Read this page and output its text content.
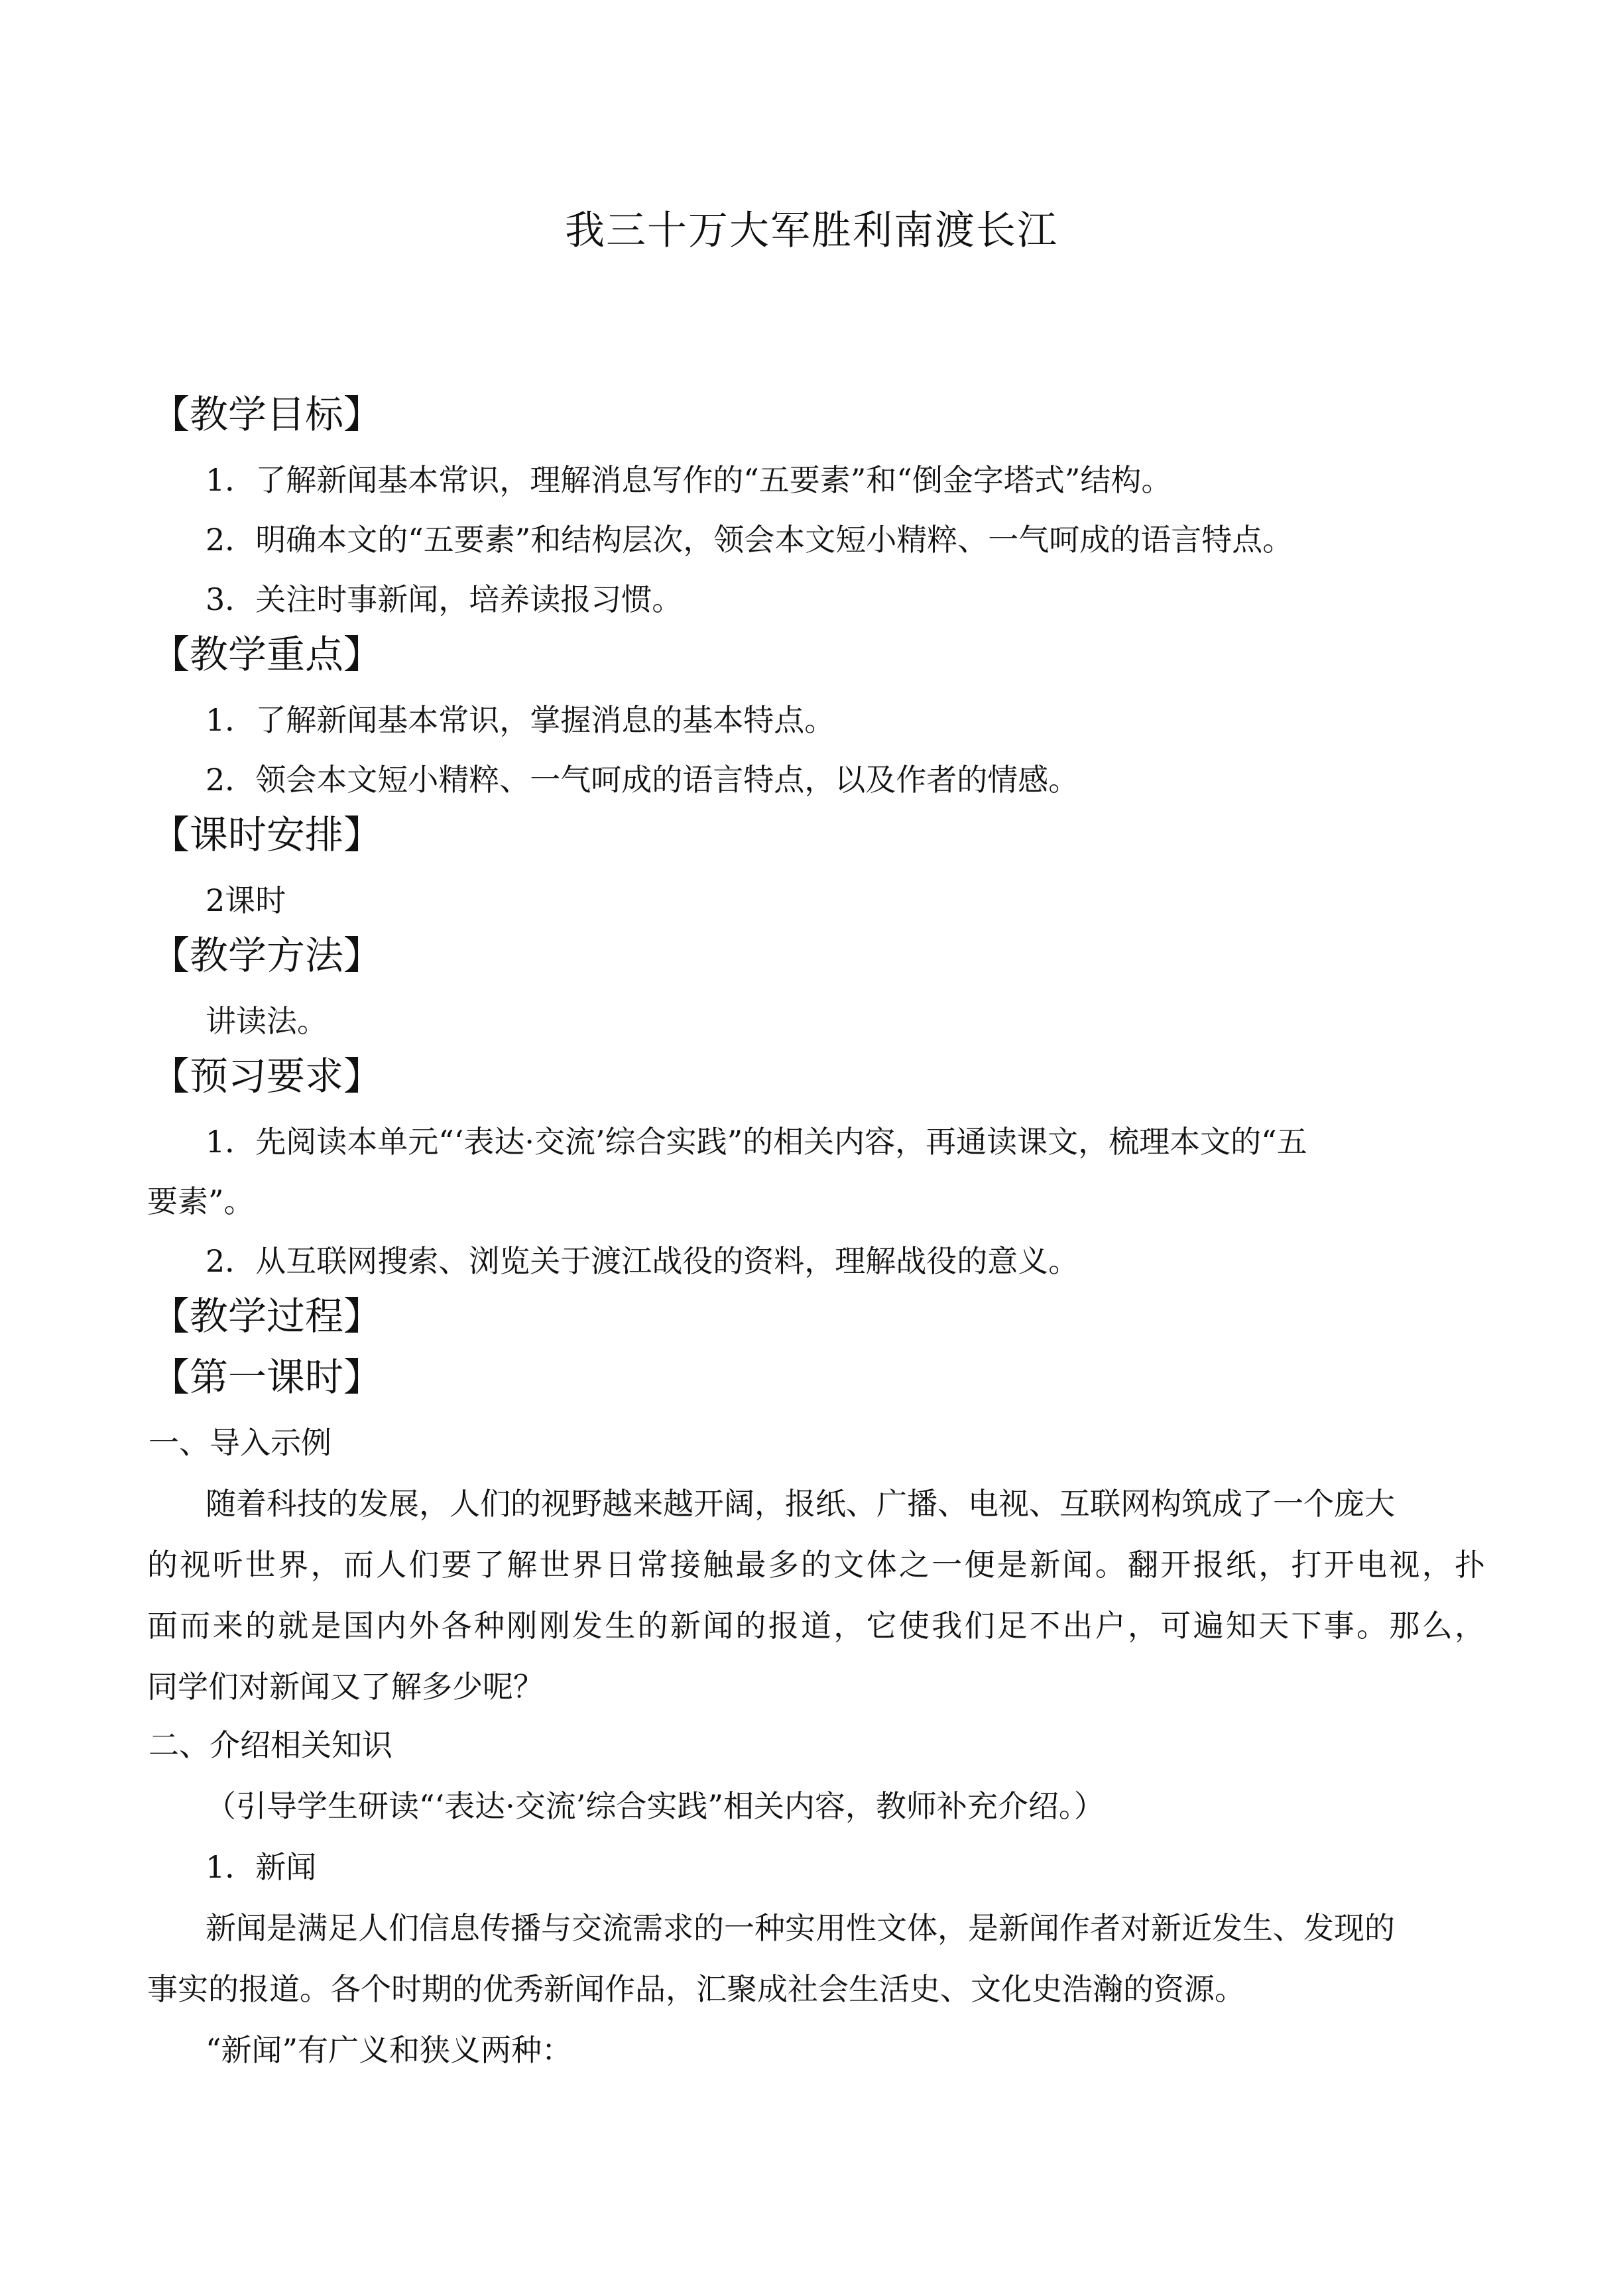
我三十万大军胜利南渡长江
【教学目标】
1．了解新闻基本常识，理解消息写作的“五要素”和“倒金字塔式”结构。
2．明确本文的“五要素”和结构层次，领会本文短小精粹、一气呵成的语言特点。
3．关注时事新闻，培养读报习惯。
【教学重点】
1．了解新闻基本常识，掌握消息的基本特点。
2．领会本文短小精粹、一气呵成的语言特点，以及作者的情感。
【课时安排】
2课时
【教学方法】
讲读法。
【预习要求】
1．先阅读本单元“‘表达·交流’综合实践”的相关内容，再通读课文，梳理本文的“五
要素”。
2．从互联网搜索、浏览关于渡江战役的资料，理解战役的意义。
【教学过程】
【第一课时】
一、导入示例
随着科技的发展，人们的视野越来越开阔，报纸、广播、电视、互联网构筑成了一个庞大
的视听世界，而人们要了解世界日常接触最多的文体之一便是新闻。翻开报纸，打开电视，扑
面而来的就是国内外各种刚刚发生的新闻的报道，它使我们足不出户，可遍知天下事。那么，
同学们对新闻又了解多少呢？
二、介绍相关知识
（引导学生研读“‘表达·交流’综合实践”相关内容，教师补充介绍。）
1．新闻
新闻是满足人们信息传播与交流需求的一种实用性文体，是新闻作者对新近发生、发现的
事实的报道。各个时期的优秀新闻作品，汇聚成社会生活史、文化史浩瀚的资源。
“新闻”有广义和狭义两种：
